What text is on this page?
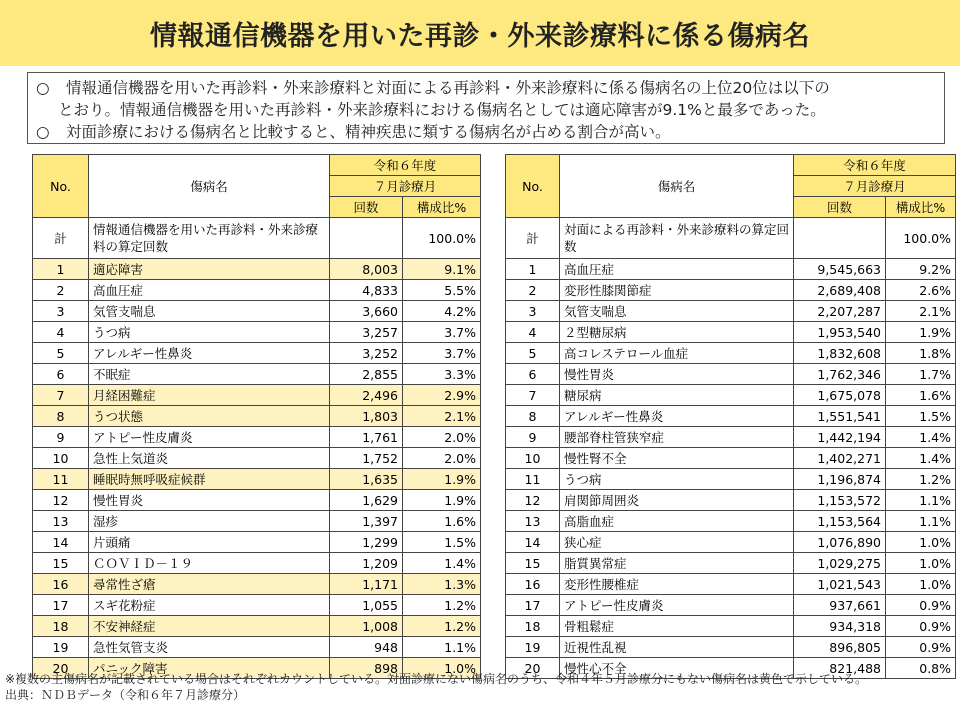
情報通信機器を用いた再診・外来診療料に係る傷病名
○ 情報通信機器を用いた再診料・外来診療料と対面による再診料・外来診療料に係る傷病名の上位20位は以下の
とおり。情報通信機器を用いた再診料・外来診療料における傷病名としては適応障害が9.1%と最多であった。
○ 対面診療における傷病名と比較すると、精神疾患に類する傷病名が占める割合が高い。
No.	傷病名	令和６年度	
		７月診療月	
		回数	構成比%
計	情報通信機器を用いた再診料・外来診療料の算定回数		100.0%
1	適応障害	8,003	9.1%
2	高血圧症	4,833	5.5%
3	気管支喘息	3,660	4.2%
4	うつ病	3,257	3.7%
5	アレルギー性鼻炎	3,252	3.7%
6	不眠症	2,855	3.3%
7	月経困難症	2,496	2.9%
8	うつ状態	1,803	2.1%
9	アトピー性皮膚炎	1,761	2.0%
10	急性上気道炎	1,752	2.0%
11	睡眠時無呼吸症候群	1,635	1.9%
12	慢性胃炎	1,629	1.9%
13	湿疹	1,397	1.6%
14	片頭痛	1,299	1.5%
15	ＣＯＶＩＤ－１９	1,209	1.4%
16	尋常性ざ瘡	1,171	1.3%
17	スギ花粉症	1,055	1.2%
18	不安神経症	1,008	1.2%
19	急性気管支炎	948	1.1%
20	パニック障害	898	1.0%
No.	傷病名	令和６年度	
		７月診療月	
		回数	構成比%
計	対面による再診料・外来診療料の算定回数		100.0%
1	高血圧症	9,545,663	9.2%
2	変形性膝関節症	2,689,408	2.6%
3	気管支喘息	2,207,287	2.1%
4	２型糖尿病	1,953,540	1.9%
5	高コレステロール血症	1,832,608	1.8%
6	慢性胃炎	1,762,346	1.7%
7	糖尿病	1,675,078	1.6%
8	アレルギー性鼻炎	1,551,541	1.5%
9	腰部脊柱管狭窄症	1,442,194	1.4%
10	慢性腎不全	1,402,271	1.4%
11	うつ病	1,196,874	1.2%
12	肩関節周囲炎	1,153,572	1.1%
13	高脂血症	1,153,564	1.1%
14	狭心症	1,076,890	1.0%
15	脂質異常症	1,029,275	1.0%
16	変形性腰椎症	1,021,543	1.0%
17	アトピー性皮膚炎	937,661	0.9%
18	骨粗鬆症	934,318	0.9%
19	近視性乱視	896,805	0.9%
20	慢性心不全	821,488	0.8%
※複数の主傷病名が記載されている場合はそれぞれカウントしている。対面診療にない傷病名のうち、令和４年５月診療分にもない傷病名は黄色で示している。
出典：ＮＤＢデータ（令和６年７月診療分）
